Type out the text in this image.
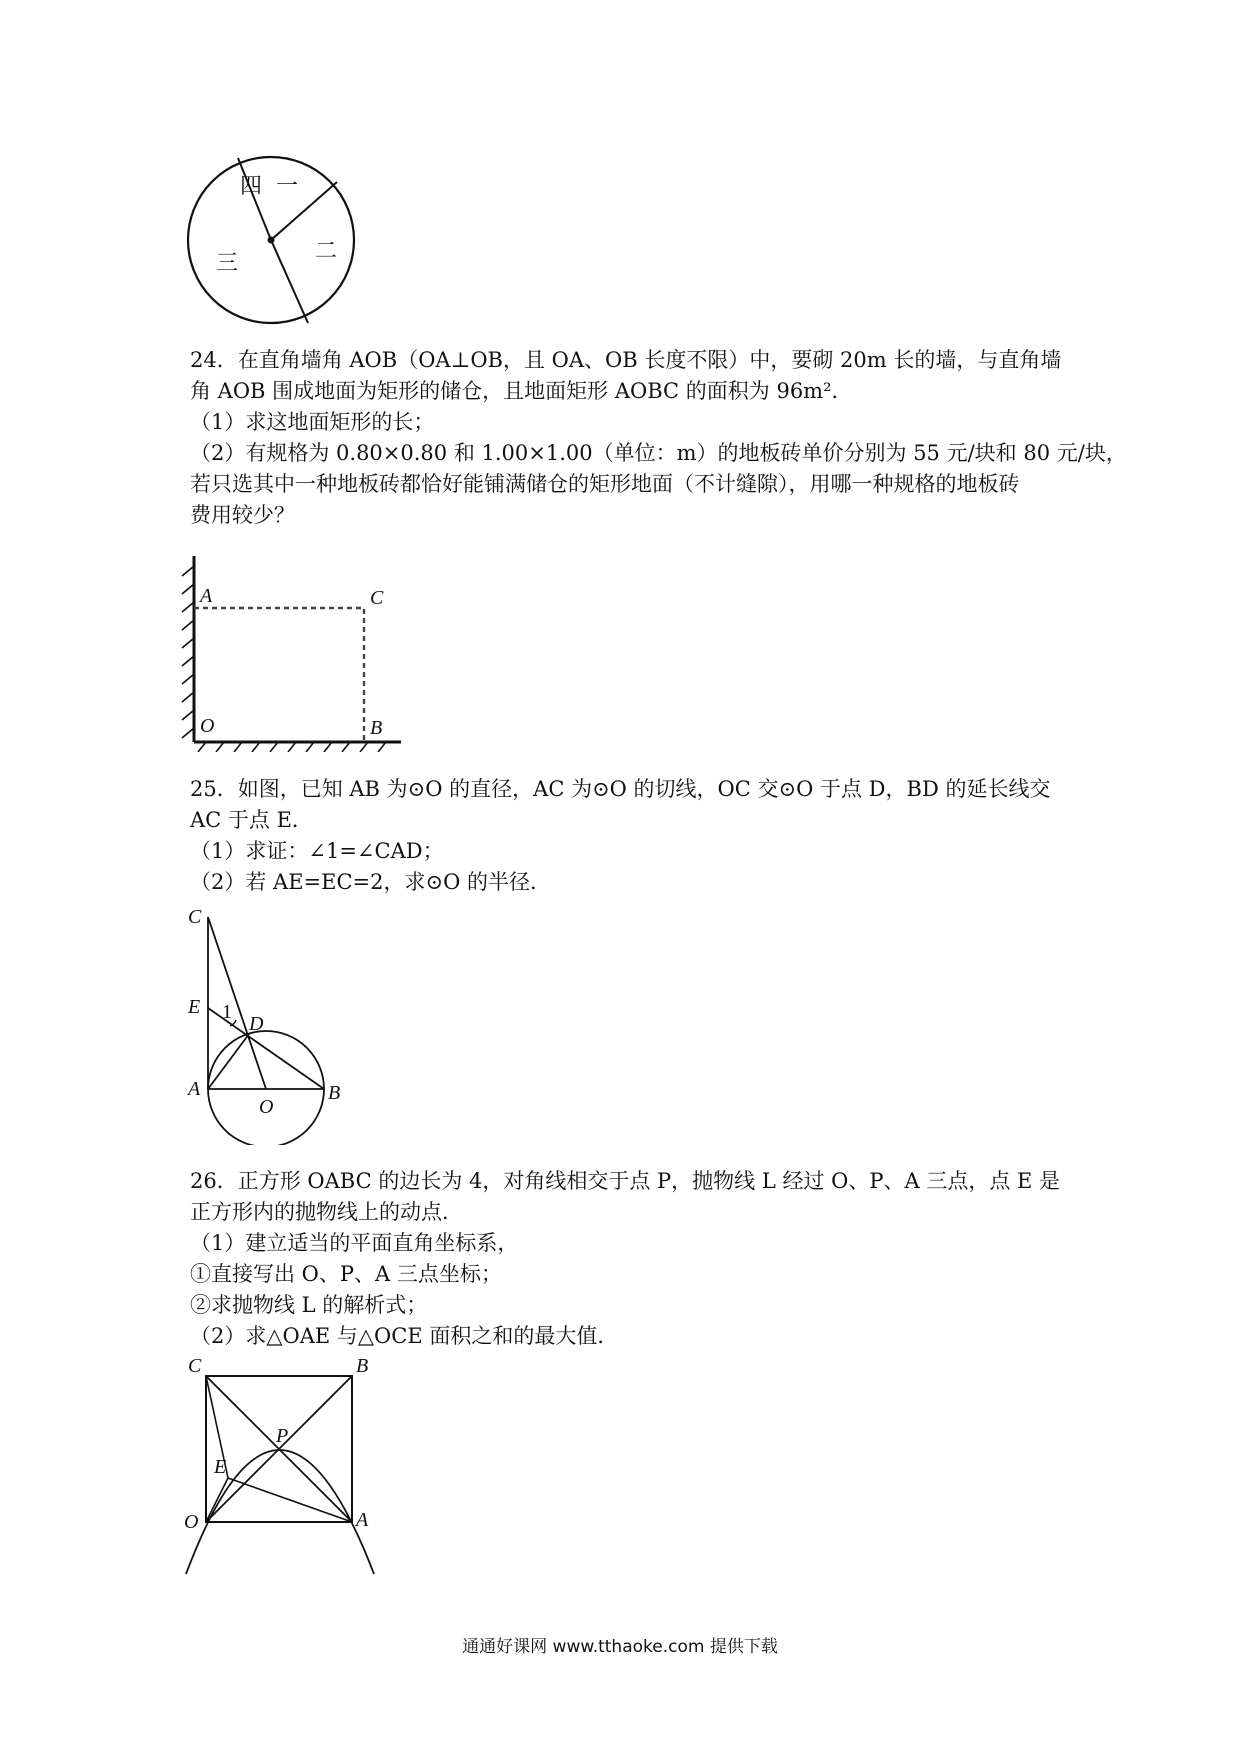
四 一
二
三

24．在直角墙角 AOB（OA⊥OB，且 OA、OB 长度不限）中，要砌 20m 长的墙，与直角墙

角 AOB 围成地面为矩形的储仓，且地面矩形 AOBC 的面积为 96m²．

（1）求这地面矩形的长；

（2）有规格为 0.80×0.80 和 1.00×1.00（单位：m）的地板砖单价分别为 55 元/块和 80 元/块，

若只选其中一种地板砖都恰好能铺满储仓的矩形地面（不计缝隙），用哪一种规格的地板砖

费用较少？

A	C
O	B

25．如图，已知 AB 为⊙O 的直径，AC 为⊙O 的切线，OC 交⊙O 于点 D，BD 的延长线交

AC 于点 E．

（1）求证：∠1=∠CAD；

（2）若 AE=EC=2，求⊙O 的半径．

C
E 1
D
A
O
B

26．正方形 OABC 的边长为 4，对角线相交于点 P，抛物线 L 经过 O、P、A 三点，点 E 是

正方形内的抛物线上的动点．

（1）建立适当的平面直角坐标系，

①直接写出 O、P、A 三点坐标；

②求抛物线 L 的解析式；

（2）求△OAE 与△OCE 面积之和的最大值．

C	B
P
E
O	A
通通好课网 www.tthaoke.com 提供下载
